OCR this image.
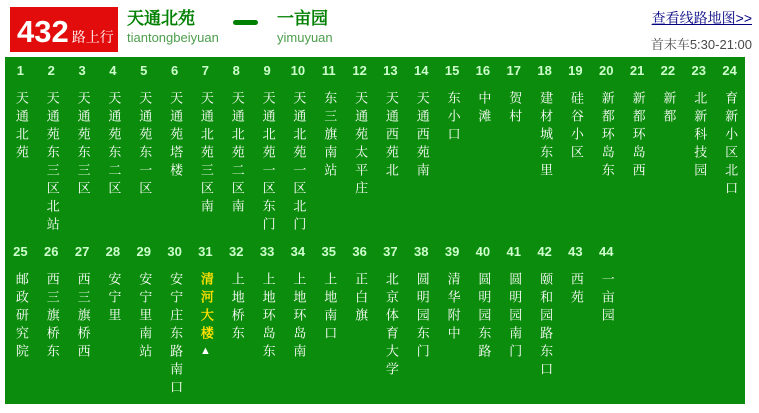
432 路上行
天通北苑
tiantongbeiyuan
一亩园
yimuyuan
查看线路地图>>
首末车5:30-21:00
1
天通北苑
2
天通苑东三区北站
3
天通苑东三区
4
天通苑东二区
5
天通苑东一区
6
天通苑塔楼
7
天通北苑三区南
8
天通北苑二区南
9
天通北苑一区东门
10
天通北苑一区北门
11
东三旗南站
12
天通苑太平庄
13
天通西苑北
14
天通西苑南
15
东小口
16
中滩
17
贺村
18
建材城东里
19
硅谷小区
20
新都环岛东
21
新都环岛西
22
新都
23
北新科技园
24
育新小区北口
25
邮政研究院
26
西三旗桥东
27
西三旗桥西
28
安宁里
29
安宁里南站
30
安宁庄东路南口
31
清河大楼
▲
32
上地桥东
33
上地环岛东
34
上地环岛南
35
上地南口
36
正白旗
37
北京体育大学
38
圆明园东门
39
清华附中
40
圆明园东路
41
圆明园南门
42
颐和园路东口
43
西苑
44
一亩园
